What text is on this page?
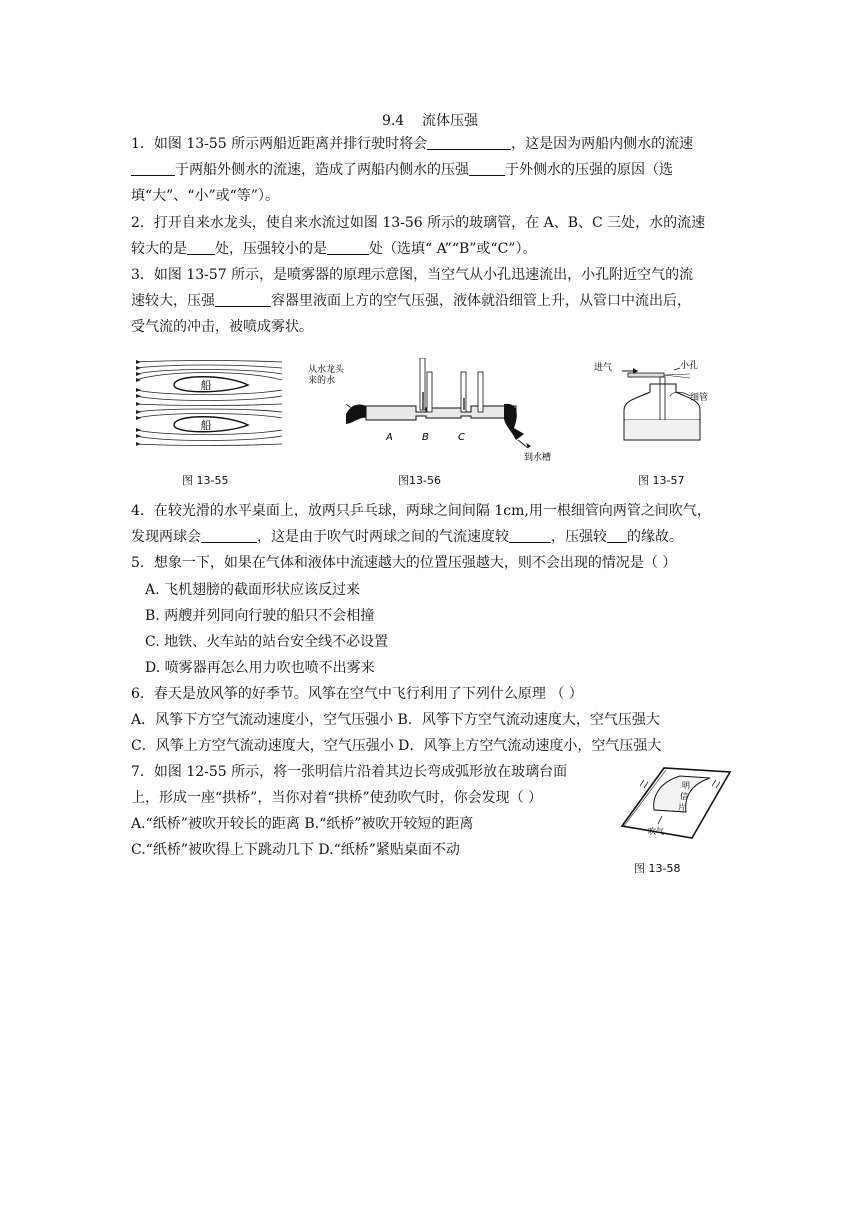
9.4    流体压强
1．如图 13-55 所示两船近距离并排行驶时将会	，这是因为两船内侧水的流速
于两船外侧水的流速，造成了两船内侧水的压强	于外侧水的压强的原因（选
填“大”、“小”或“等”）。
2．打开自来水龙头，使自来水流过如图 13-56 所示的玻璃管，在 A、B、C 三处，水的流速
较大的是 处，压强较小的是	处（选填“ A”“B”或“C”）。
3．如图 13-57 所示，是喷雾器的原理示意图，当空气从小孔迅速流出，小孔附近空气的流
速较大，压强	容器里液面上方的空气压强，液体就沿细管上升，从管口中流出后，
受气流的冲击，被喷成雾状。
船
船
图 13-55
从水龙头
来的水
A	B	C
到水槽
图13-56
进气	小孔
细管
图 13-57
4．在较光滑的水平桌面上，放两只乒乓球，两球之间间隔 1cm,用一根细管向两管之间吹气，
发现两球会	，这是由于吹气时两球之间的气流速度较	，压强较 的缘故。
5．想象一下，如果在气体和液体中流速越大的位置压强越大，则不会出现的情况是（ ）
A. 飞机翅膀的截面形状应该反过来
B. 两艘并列同向行驶的船只不会相撞
C. 地铁、火车站的站台安全线不必设置
D. 喷雾器再怎么用力吹也喷不出雾来
6．春天是放风筝的好季节。风筝在空气中飞行利用了下列什么原理 （ ）
A．风筝下方空气流动速度小，空气压强小 B．风筝下方空气流动速度大，空气压强大
C．风筝上方空气流动速度大，空气压强小 D．风筝上方空气流动速度小，空气压强大
7．如图 12-55 所示，将一张明信片沿着其边长弯成弧形放在玻璃台面
上，形成一座“拱桥”，当你对着“拱桥”使劲吹气时，你会发现（ ）
A.“纸桥”被吹开较长的距离 B.“纸桥”被吹开较短的距离
C.“纸桥”被吹得上下跳动几下 D.“纸桥”紧贴桌面不动
明
信
片
吹气
图 13-58
